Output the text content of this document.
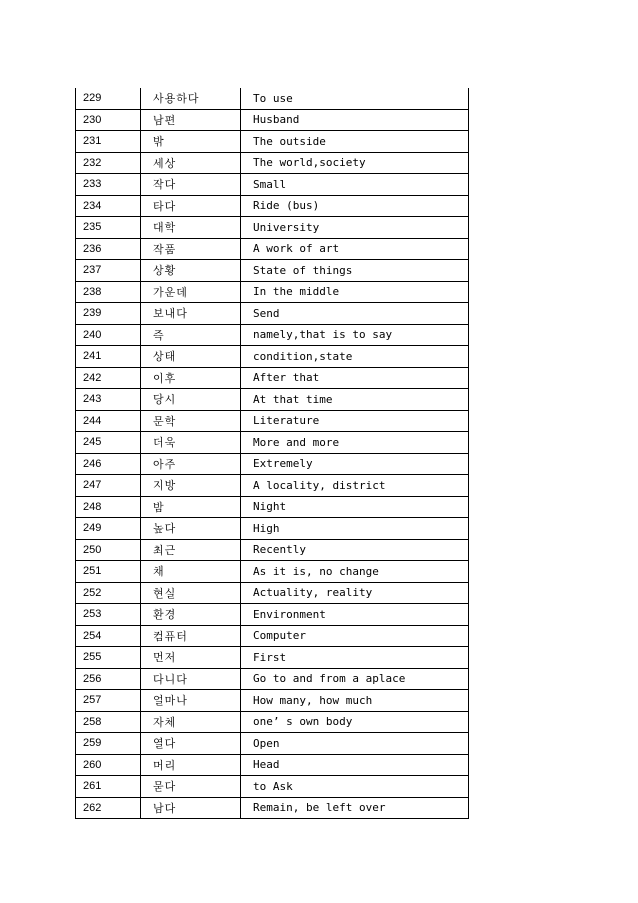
229	사용하다	To use
230	남편	Husband
231	밖	The outside
232	세상	The world,society
233	작다	Small
234	타다	Ride (bus)
235	대학	University
236	작품	A work of art
237	상황	State of things
238	가운데	In the middle
239	보내다	Send
240	즉	namely,that is to say
241	상태	condition,state
242	이후	After that
243	당시	At that time
244	문학	Literature
245	더욱	More and more
246	아주	Extremely
247	지방	A locality, district
248	밤	Night
249	높다	High
250	최근	Recently
251	채	As it is, no change
252	현실	Actuality, reality
253	환경	Environment
254	컴퓨터	Computer
255	먼저	First
256	다니다	Go to and from a aplace
257	얼마나	How many, how much
258	자체	one’ s own body
259	열다	Open
260	머리	Head
261	묻다	to Ask
262	남다	Remain, be left over
